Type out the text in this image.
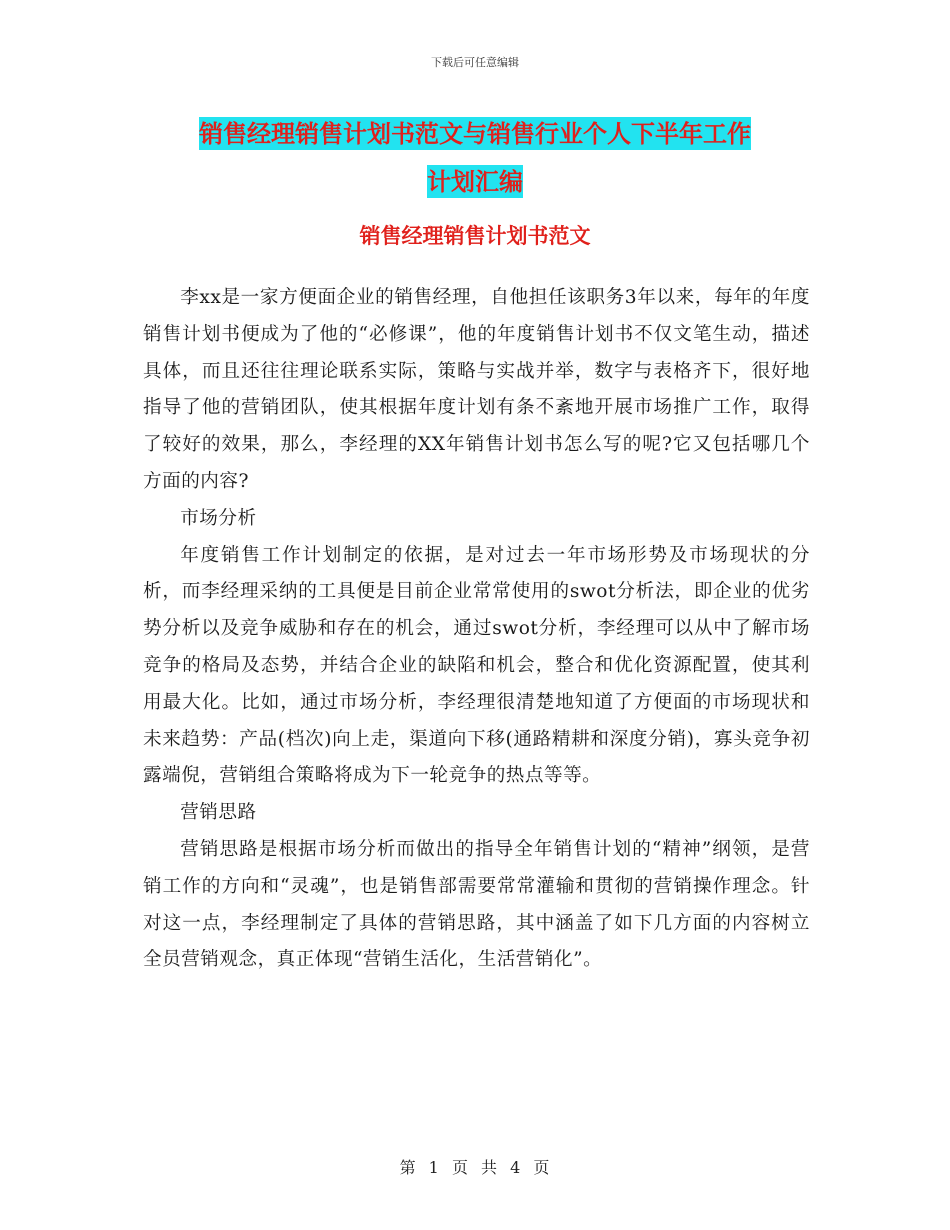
下载后可任意编辑
销售经理销售计划书范文与销售行业个人下半年工作
计划汇编
销售经理销售计划书范文

李xx是一家方便面企业的销售经理，自他担任该职务3年以来，每年的年度销售计划书便成为了他的“必修课”，他的年度销售计划书不仅文笔生动，描述具体，而且还往往理论联系实际，策略与实战并举，数字与表格齐下，很好地指导了他的营销团队，使其根据年度计划有条不紊地开展市场推广工作，取得了较好的效果，那么，李经理的XX年销售计划书怎么写的呢?它又包括哪几个方面的内容?

市场分析

年度销售工作计划制定的依据，是对过去一年市场形势及市场现状的分析，而李经理采纳的工具便是目前企业常常使用的swot分析法，即企业的优劣势分析以及竞争威胁和存在的机会，通过swot分析，李经理可以从中了解市场竞争的格局及态势，并结合企业的缺陷和机会，整合和优化资源配置，使其利用最大化。比如，通过市场分析，李经理很清楚地知道了方便面的市场现状和未来趋势：产品(档次)向上走，渠道向下移(通路精耕和深度分销)，寡头竞争初露端倪，营销组合策略将成为下一轮竞争的热点等等。

营销思路

营销思路是根据市场分析而做出的指导全年销售计划的“精神”纲领，是营销工作的方向和“灵魂”，也是销售部需要常常灌输和贯彻的营销操作理念。针对这一点，李经理制定了具体的营销思路，其中涵盖了如下几方面的内容树立全员营销观念，真正体现“营销生活化，生活营销化”。

第 1 页 共 4 页
